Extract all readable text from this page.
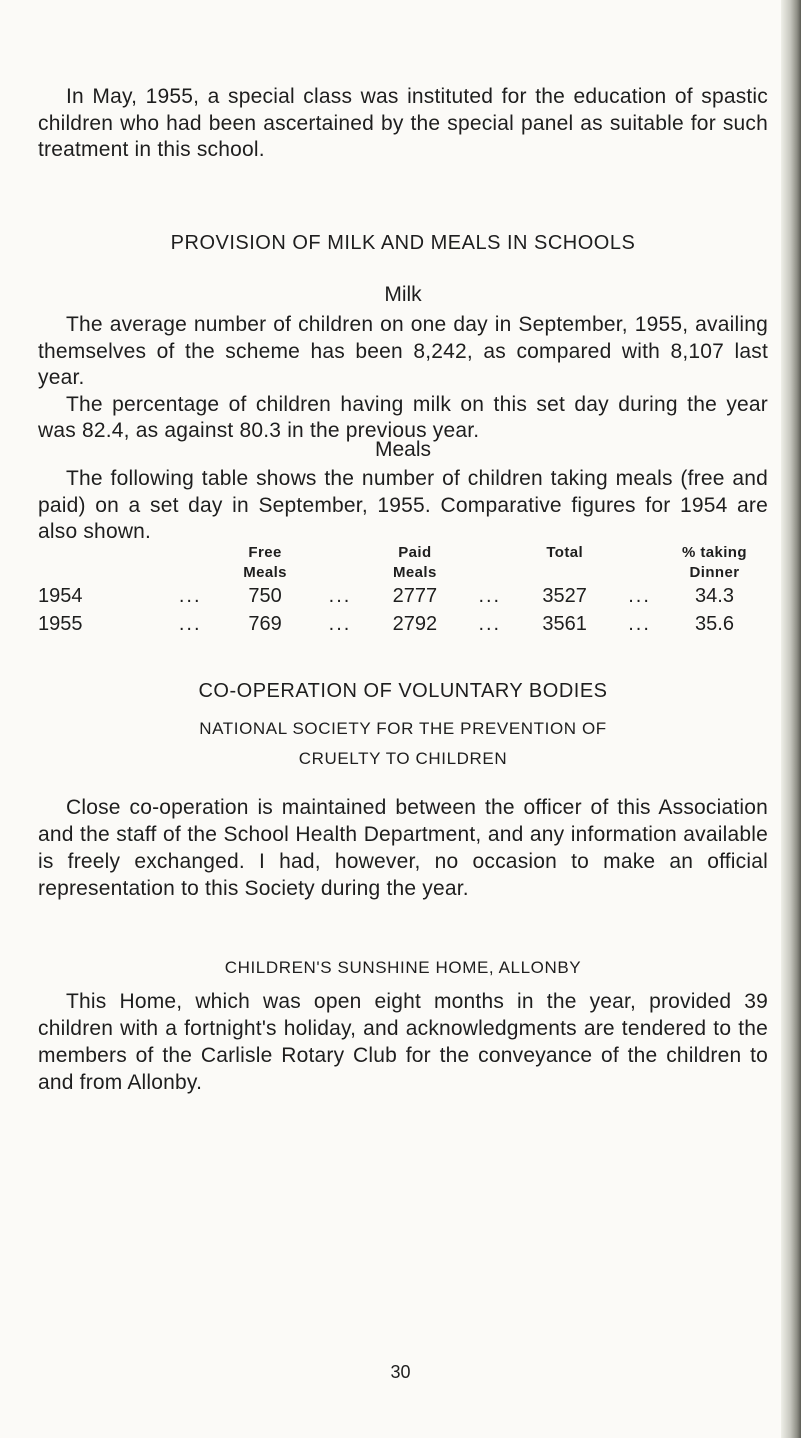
In May, 1955, a special class was instituted for the education of spastic children who had been ascertained by the special panel as suitable for such treatment in this school.

PROVISION OF MILK AND MEALS IN SCHOOLS

Milk

The average number of children on one day in September, 1955, availing themselves of the scheme has been 8,242, as compared with 8,107 last year.

The percentage of children having milk on this set day during the year was 82.4, as against 80.3 in the previous year.

Meals

The following table shows the number of children taking meals (free and paid) on a set day in September, 1955. Comparative figures for 1954 are also shown.

		Free		Paid		Total		% taking
		Meals		Meals				Dinner
1954	...	750	...	2777	...	3527	...	34.3
1955	...	769	...	2792	...	3561	...	35.6

CO-OPERATION OF VOLUNTARY BODIES

NATIONAL SOCIETY FOR THE PREVENTION OF

CRUELTY TO CHILDREN

Close co-operation is maintained between the officer of this Association and the staff of the School Health Department, and any information available is freely exchanged. I had, however, no occasion to make an official representation to this Society during the year.

CHILDREN'S SUNSHINE HOME, ALLONBY

This Home, which was open eight months in the year, provided 39 children with a fortnight's holiday, and acknowledgments are tendered to the members of the Carlisle Rotary Club for the conveyance of the children to and from Allonby.

30
